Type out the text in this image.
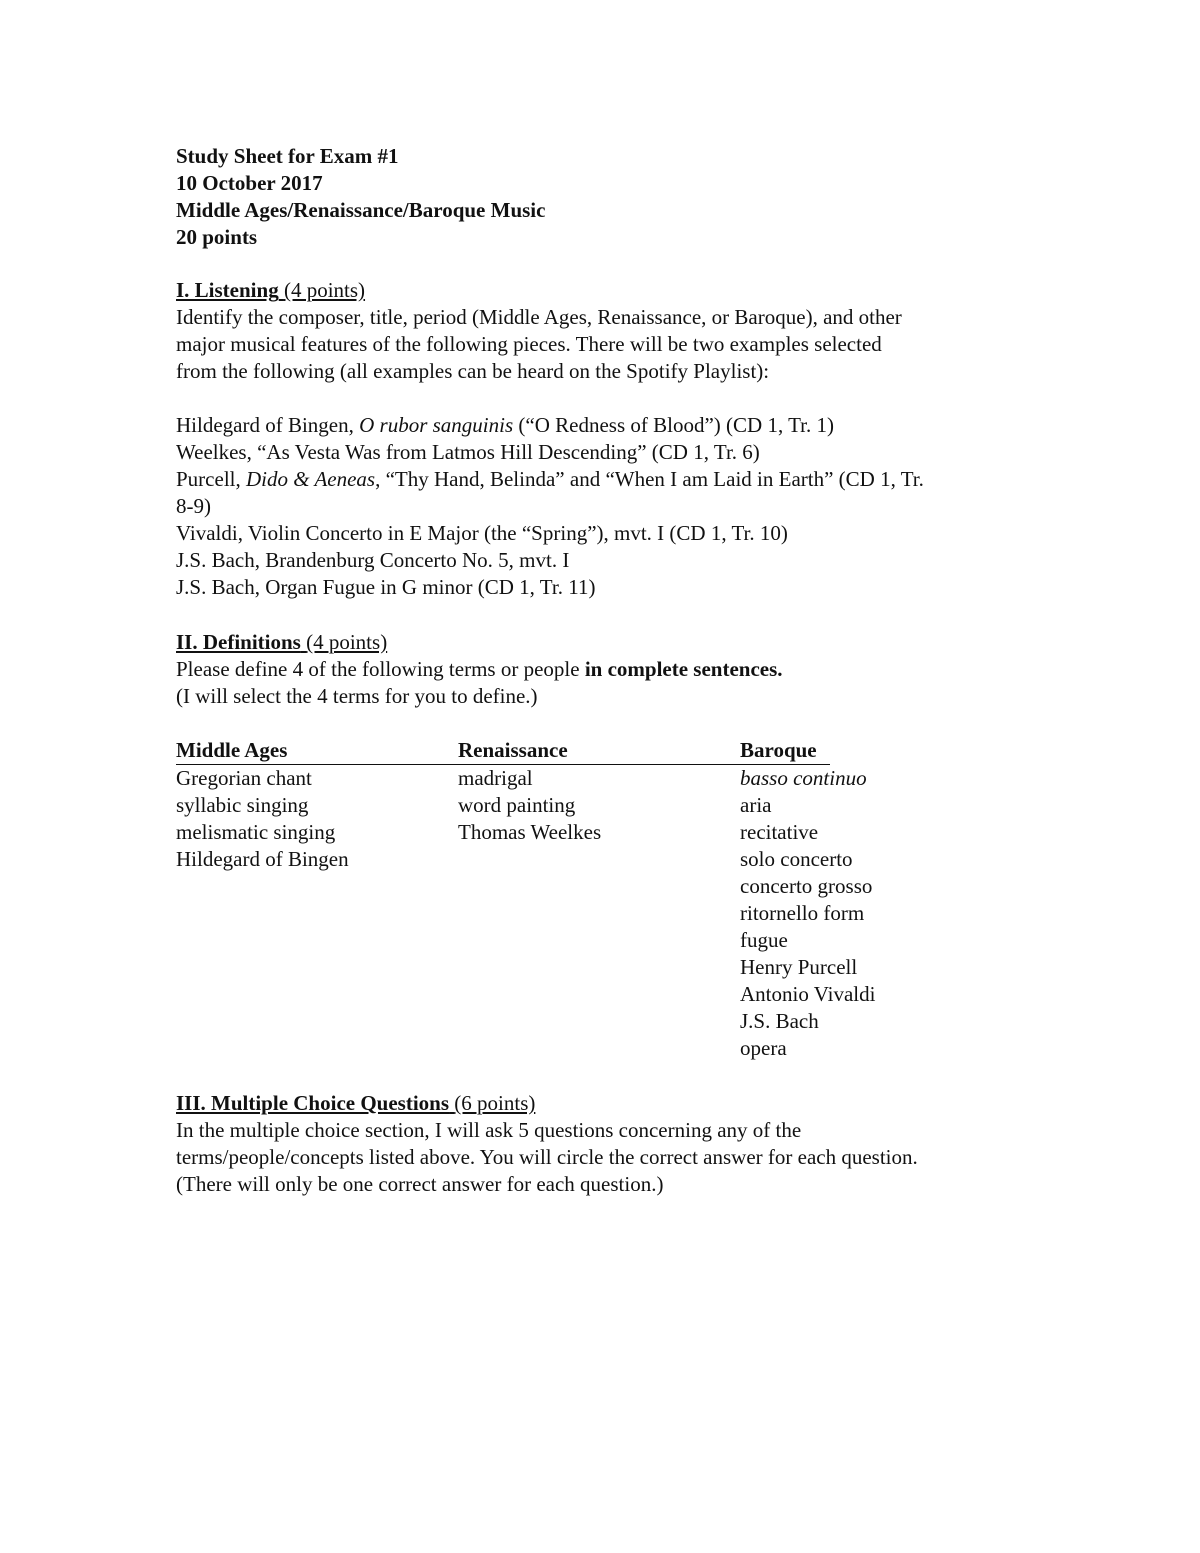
Study Sheet for Exam #1
10 October 2017
Middle Ages/Renaissance/Baroque Music
20 points
I. Listening (4 points)
Identify the composer, title, period (Middle Ages, Renaissance, or Baroque), and other
major musical features of the following pieces. There will be two examples selected
from the following (all examples can be heard on the Spotify Playlist):
Hildegard of Bingen, O rubor sanguinis (“O Redness of Blood”) (CD 1, Tr. 1)
Weelkes, “As Vesta Was from Latmos Hill Descending” (CD 1, Tr. 6)
Purcell, Dido & Aeneas, “Thy Hand, Belinda” and “When I am Laid in Earth” (CD 1, Tr.
8-9)
Vivaldi, Violin Concerto in E Major (the “Spring”), mvt. I (CD 1, Tr. 10)
J.S. Bach, Brandenburg Concerto No. 5, mvt. I
J.S. Bach, Organ Fugue in G minor (CD 1, Tr. 11)
II. Definitions (4 points)
Please define 4 of the following terms or people in complete sentences.
(I will select the 4 terms for you to define.)
Middle Ages
Gregorian chant
syllabic singing
melismatic singing
Hildegard of Bingen
Renaissance
madrigal
word painting
Thomas Weelkes
Baroque
basso continuo
aria
recitative
solo concerto
concerto grosso
ritornello form
fugue
Henry Purcell
Antonio Vivaldi
J.S. Bach
opera
III. Multiple Choice Questions (6 points)
In the multiple choice section, I will ask 5 questions concerning any of the
terms/people/concepts listed above. You will circle the correct answer for each question.
(There will only be one correct answer for each question.)
